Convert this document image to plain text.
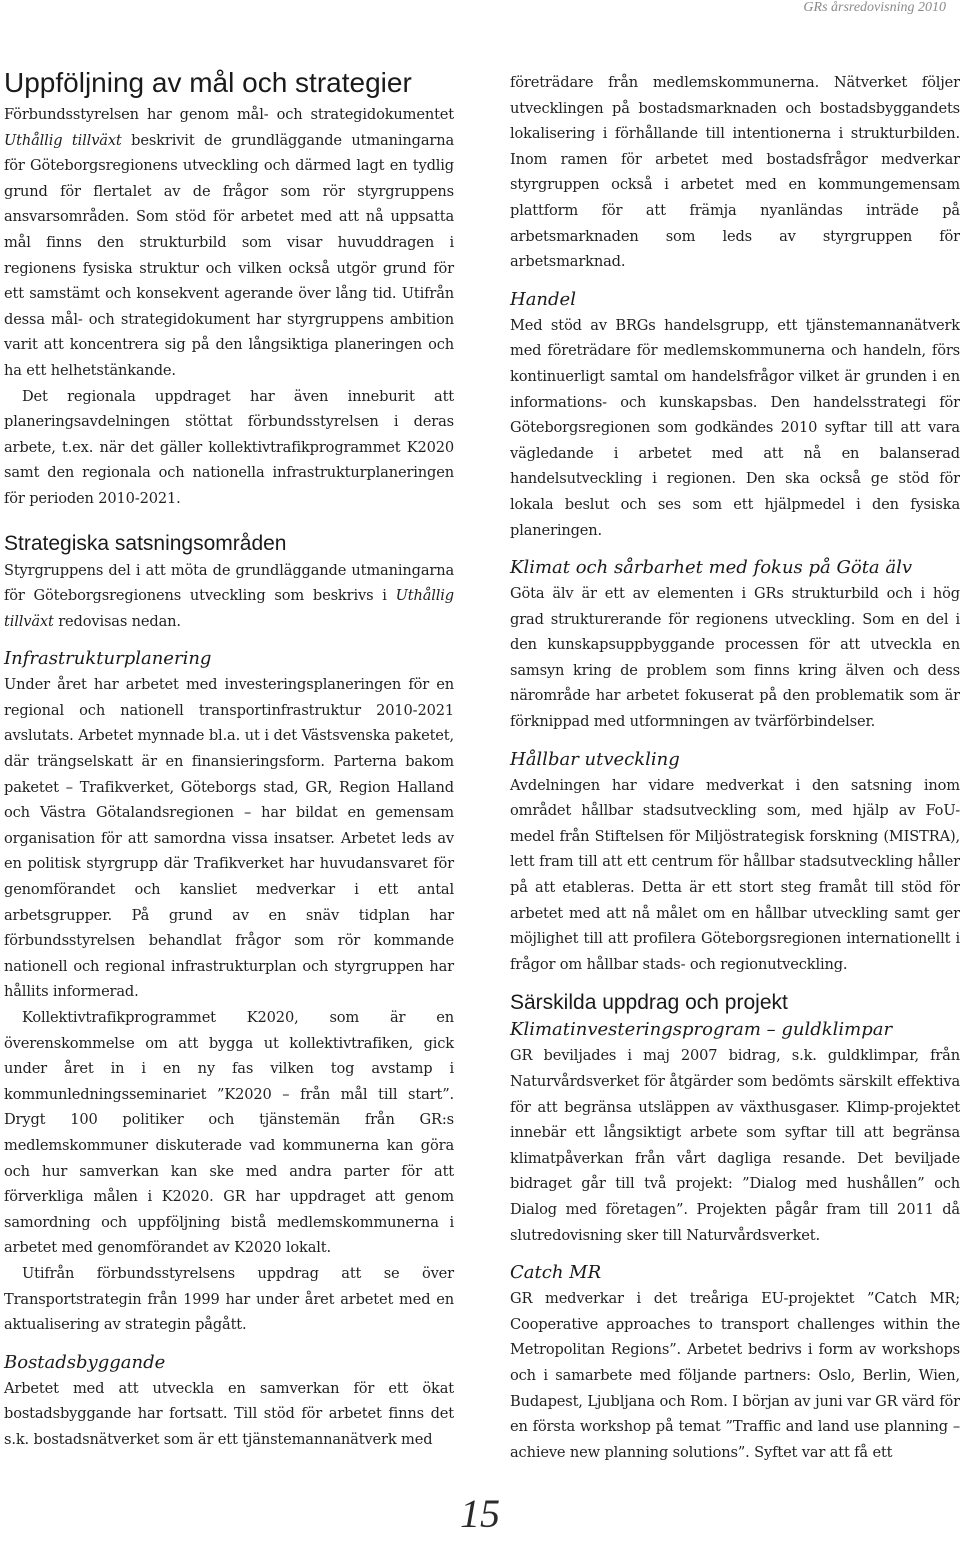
GRs årsredovisning 2010
Uppföljning av mål och strategier

Förbundsstyrelsen har genom mål- och strategidokumentet Uthållig tillväxt beskrivit de grundläggande utmaningarna för Göteborgsregionens utveckling och därmed lagt en tydlig grund för flertalet av de frågor som rör styrgruppens ansvarsområden. Som stöd för arbetet med att nå uppsatta mål finns den strukturbild som visar huvuddragen i regionens fysiska struktur och vilken också utgör grund för ett samstämt och konsekvent agerande över lång tid. Utifrån dessa mål- och strategidokument har styrgruppens ambition varit att koncentrera sig på den långsiktiga planeringen och ha ett helhetstänkande.

Det regionala uppdraget har även inneburit att planeringsavdelningen stöttat förbundsstyrelsen i deras arbete, t.ex. när det gäller kollektivtrafikprogrammet K2020 samt den regionala och nationella infrastrukturplaneringen för perioden 2010-2021.

Strategiska satsningsområden

Styrgruppens del i att möta de grundläggande utmaningarna för Göteborgsregionens utveckling som beskrivs i Uthållig tillväxt redovisas nedan.

Infrastrukturplanering

Under året har arbetet med investeringsplaneringen för en regional och nationell transportinfrastruktur 2010-2021 avslutats. Arbetet mynnade bl.a. ut i det Västsvenska paketet, där trängselskatt är en finansieringsform. Parterna bakom paketet – Trafikverket, Göteborgs stad, GR, Region Halland och Västra Götalandsregionen – har bildat en gemensam organisation för att samordna vissa insatser. Arbetet leds av en politisk styrgrupp där Trafikverket har huvudansvaret för genomförandet och kansliet medverkar i ett antal arbetsgrupper. På grund av en snäv tidplan har förbundsstyrelsen behandlat frågor som rör kommande nationell och regional infrastrukturplan och styrgruppen har hållits informerad.

Kollektivtrafikprogrammet K2020, som är en överenskommelse om att bygga ut kollektivtrafiken, gick under året in i en ny fas vilken tog avstamp i kommunledningsseminariet ”K2020 – från mål till start”. Drygt 100 politiker och tjänstemän från GR:s medlemskommuner diskuterade vad kommunerna kan göra och hur samverkan kan ske med andra parter för att förverkliga målen i K2020. GR har uppdraget att genom samordning och uppföljning bistå medlemskommunerna i arbetet med genomförandet av K2020 lokalt.

Utifrån förbundsstyrelsens uppdrag att se över Transportstrategin från 1999 har under året arbetet med en aktualisering av strategin pågått.

Bostadsbyggande

Arbetet med att utveckla en samverkan för ett ökat bostadsbyggande har fortsatt. Till stöd för arbetet finns det s.k. bostadsnätverket som är ett tjänstemannanätverk med

företrädare från medlemskommunerna. Nätverket följer utvecklingen på bostadsmarknaden och bostadsbyggandets lokalisering i förhållande till intentionerna i strukturbilden. Inom ramen för arbetet med bostadsfrågor medverkar styrgruppen också i arbetet med en kommungemensam plattform för att främja nyanländas inträde på arbetsmarknaden som leds av styrgruppen för arbetsmarknad.

Handel

Med stöd av BRGs handelsgrupp, ett tjänstemannanätverk med företrädare för medlemskommunerna och handeln, förs kontinuerligt samtal om handelsfrågor vilket är grunden i en informations- och kunskapsbas. Den handelsstrategi för Göteborgsregionen som godkändes 2010 syftar till att vara vägledande i arbetet med att nå en balanserad handelsutveckling i regionen. Den ska också ge stöd för lokala beslut och ses som ett hjälpmedel i den fysiska planeringen.

Klimat och sårbarhet med fokus på Göta älv

Göta älv är ett av elementen i GRs strukturbild och i hög grad strukturerande för regionens utveckling. Som en del i den kunskapsuppbyggande processen för att utveckla en samsyn kring de problem som finns kring älven och dess närområde har arbetet fokuserat på den problematik som är förknippad med utformningen av tvärförbindelser.

Hållbar utveckling

Avdelningen har vidare medverkat i den satsning inom området hållbar stadsutveckling som, med hjälp av FoU-medel från Stiftelsen för Miljöstrategisk forskning (MISTRA), lett fram till att ett centrum för hållbar stadsutveckling håller på att etableras. Detta är ett stort steg framåt till stöd för arbetet med att nå målet om en hållbar utveckling samt ger möjlighet till att profilera Göteborgsregionen internationellt i frågor om hållbar stads- och regionutveckling.

Särskilda uppdrag och projekt
Klimatinvesteringsprogram – guldklimpar

GR beviljades i maj 2007 bidrag, s.k. guldklimpar, från Naturvårdsverket för åtgärder som bedömts särskilt effektiva för att begränsa utsläppen av växthusgaser. Klimp-projektet innebär ett långsiktigt arbete som syftar till att begränsa klimatpåverkan från vårt dagliga resande. Det beviljade bidraget går till två projekt: ”Dialog med hushållen” och Dialog med företagen”. Projekten pågår fram till 2011 då slutredovisning sker till Naturvårdsverket.

Catch MR

GR medverkar i det treåriga EU-projektet ”Catch MR; Cooperative approaches to transport challenges within the Metropolitan Regions”. Arbetet bedrivs i form av workshops och i samarbete med följande partners: Oslo, Berlin, Wien, Budapest, Ljubljana och Rom. I början av juni var GR värd för en första workshop på temat ”Traffic and land use planning – achieve new planning solutions”. Syftet var att få ett

15
